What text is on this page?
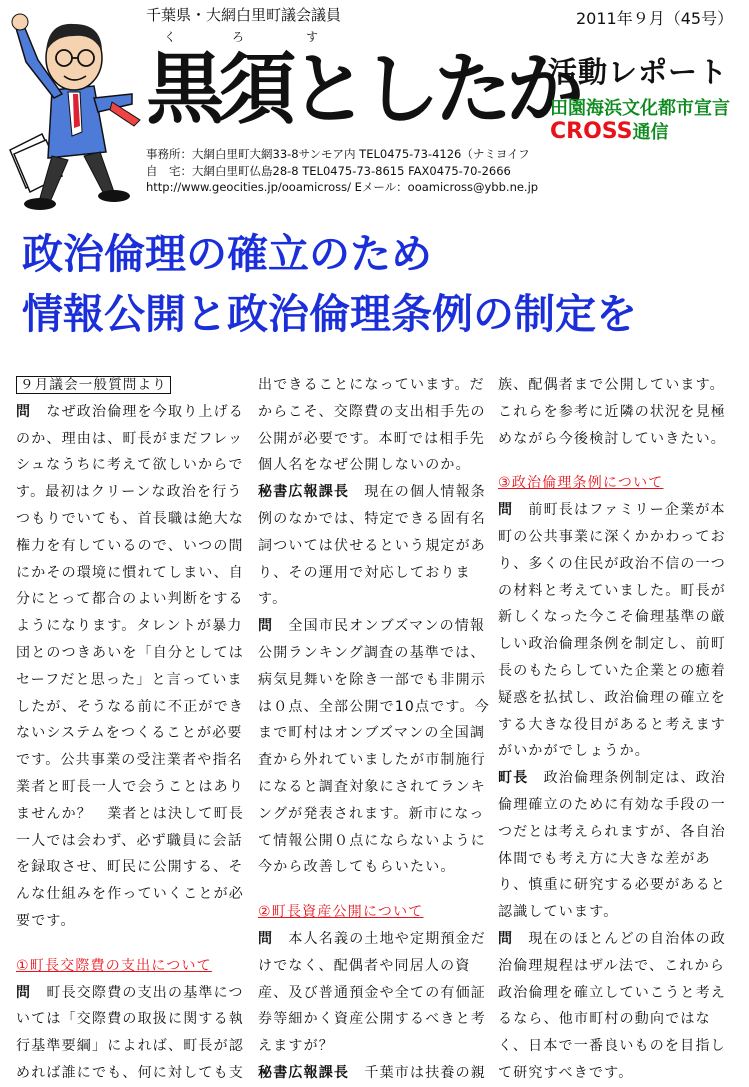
千葉県・大網白里町議会議員	2011年９月（45号）
く	ろ	す
黒須としたか
活動レポート
田園海浜文化都市宣言
CROSS通信
事務所：大網白里町大網33-8サンモア内 TEL0475-73-4126（ナミヨイフ
自　宅：大網白里町仏島28-8 TEL0475-73-8615 FAX0475-70-2666
http://www.geocities.jp/ooamicross/ Eメール：ooamicross@ybb.ne.jp
政治倫理の確立のため
情報公開と政治倫理条例の制定を
９月議会一般質問より

問　 なぜ政治倫理を今取り上げるのか、理由は、町長がまだフレッシュなうちに考えて欲しいからです。最初はクリーンな政治を行うつもりでいても、首長職は絶大な権力を有しているので、いつの間にかその環境に慣れてしまい、自分にとって都合のよい判断をするようになります。タレントが暴力団とのつきあいを「自分としてはセーフだと思った」と言っていましたが、そうなる前に不正ができないシステムをつくることが必要です。公共事業の受注業者や指名業者と町長一人で会うことはありませんか？　業者とは決して町長一人では会わず、必ず職員に会話を録取させ、町民に公開する、そんな仕組みを作っていくことが必要です。

①町長交際費の支出について

問　 町長交際費の支出の基準については「交際費の取扱に関する執行基準要綱」によれば、町長が認めれば誰にでも、何に対しても支

出できることになっています。だからこそ、交際費の支出相手先の公開が必要です。本町では相手先個人名をなぜ公開しないのか。

秘書広報課長　 現在の個人情報条例のなかでは、特定できる固有名詞ついては伏せるという規定があり、その運用で対応しております。

問　 全国市民オンブズマンの情報公開ランキング調査の基準では、病気見舞いを除き一部でも非開示は０点、全部公開で10点です。今まで町村はオンブズマンの全国調査から外れていましたが市制施行になると調査対象にされてランキングが発表されます。新市になって情報公開０点にならないように今から改善してもらいたい。

②町長資産公開について

問　 本人名義の土地や定期預金だけでなく、配偶者や同居人の資産、及び普通預金や全ての有価証券等細かく資産公開するべきと考えますが？

秘書広報課長　 千葉市は扶養の親

族、配偶者まで公開しています。これらを参考に近隣の状況を見極めながら今後検討していきたい。

③政治倫理条例について

問　 前町長はファミリー企業が本町の公共事業に深くかかわっており、多くの住民が政治不信の一つの材料と考えていました。町長が新しくなった今こそ倫理基準の厳しい政治倫理条例を制定し、前町長のもたらしていた企業との癒着疑惑を払拭し、政治倫理の確立をする大きな役目があると考えますがいかがでしょうか。

町長　 政治倫理条例制定は、政治倫理確立のために有効な手段の一つだとは考えられますが、各自治体間でも考え方に大きな差があり、慎重に研究する必要があると認識しています。

問　 現在のほとんどの自治体の政治倫理規程はザル法で、これから政治倫理を確立していこうと考えるなら、他市町村の動向ではなく、日本で一番良いものを目指して研究すべきです。
